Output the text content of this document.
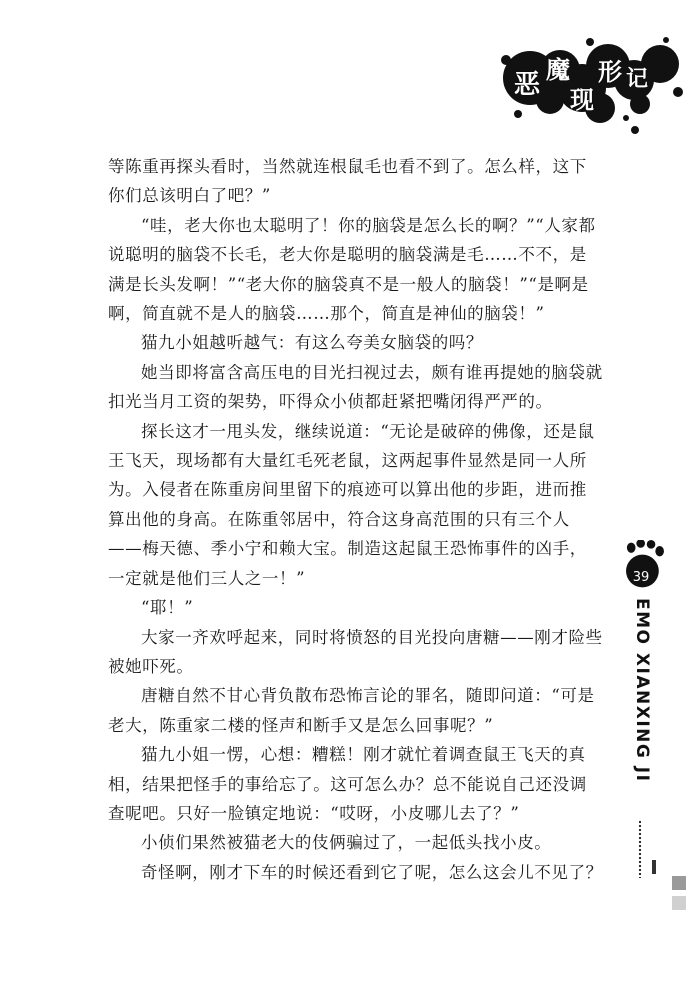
恶 魔
现
形 记

等陈重再探头看时，当然就连根鼠毛也看不到了。怎么样，这下你们总该明白了吧？”

“哇，老大你也太聪明了！你的脑袋是怎么长的啊？”“人家都说聪明的脑袋不长毛，老大你是聪明的脑袋满是毛……不不，是满是长头发啊！”“老大你的脑袋真不是一般人的脑袋！”“是啊是啊，简直就不是人的脑袋……那个，简直是神仙的脑袋！”

猫九小姐越听越气：有这么夸美女脑袋的吗？

她当即将富含高压电的目光扫视过去，颇有谁再提她的脑袋就扣光当月工资的架势，吓得众小侦都赶紧把嘴闭得严严的。

探长这才一甩头发，继续说道：“无论是破碎的佛像，还是鼠王飞天，现场都有大量红毛死老鼠，这两起事件显然是同一人所为。入侵者在陈重房间里留下的痕迹可以算出他的步距，进而推算出他的身高。在陈重邻居中，符合这身高范围的只有三个人——梅天德、季小宁和赖大宝。制造这起鼠王恐怖事件的凶手，一定就是他们三人之一！”

“耶！”

大家一齐欢呼起来，同时将愤怒的目光投向唐糖——刚才险些被她吓死。

唐糖自然不甘心背负散布恐怖言论的罪名，随即问道：“可是老大，陈重家二楼的怪声和断手又是怎么回事呢？”

猫九小姐一愣，心想：糟糕！刚才就忙着调查鼠王飞天的真相，结果把怪手的事给忘了。这可怎么办？总不能说自己还没调查呢吧。只好一脸镇定地说：“哎呀，小皮哪儿去了？”

小侦们果然被猫老大的伎俩骗过了，一起低头找小皮。

奇怪啊，刚才下车的时候还看到它了呢，怎么这会儿不见了？

39
EMO XIANXING JI
